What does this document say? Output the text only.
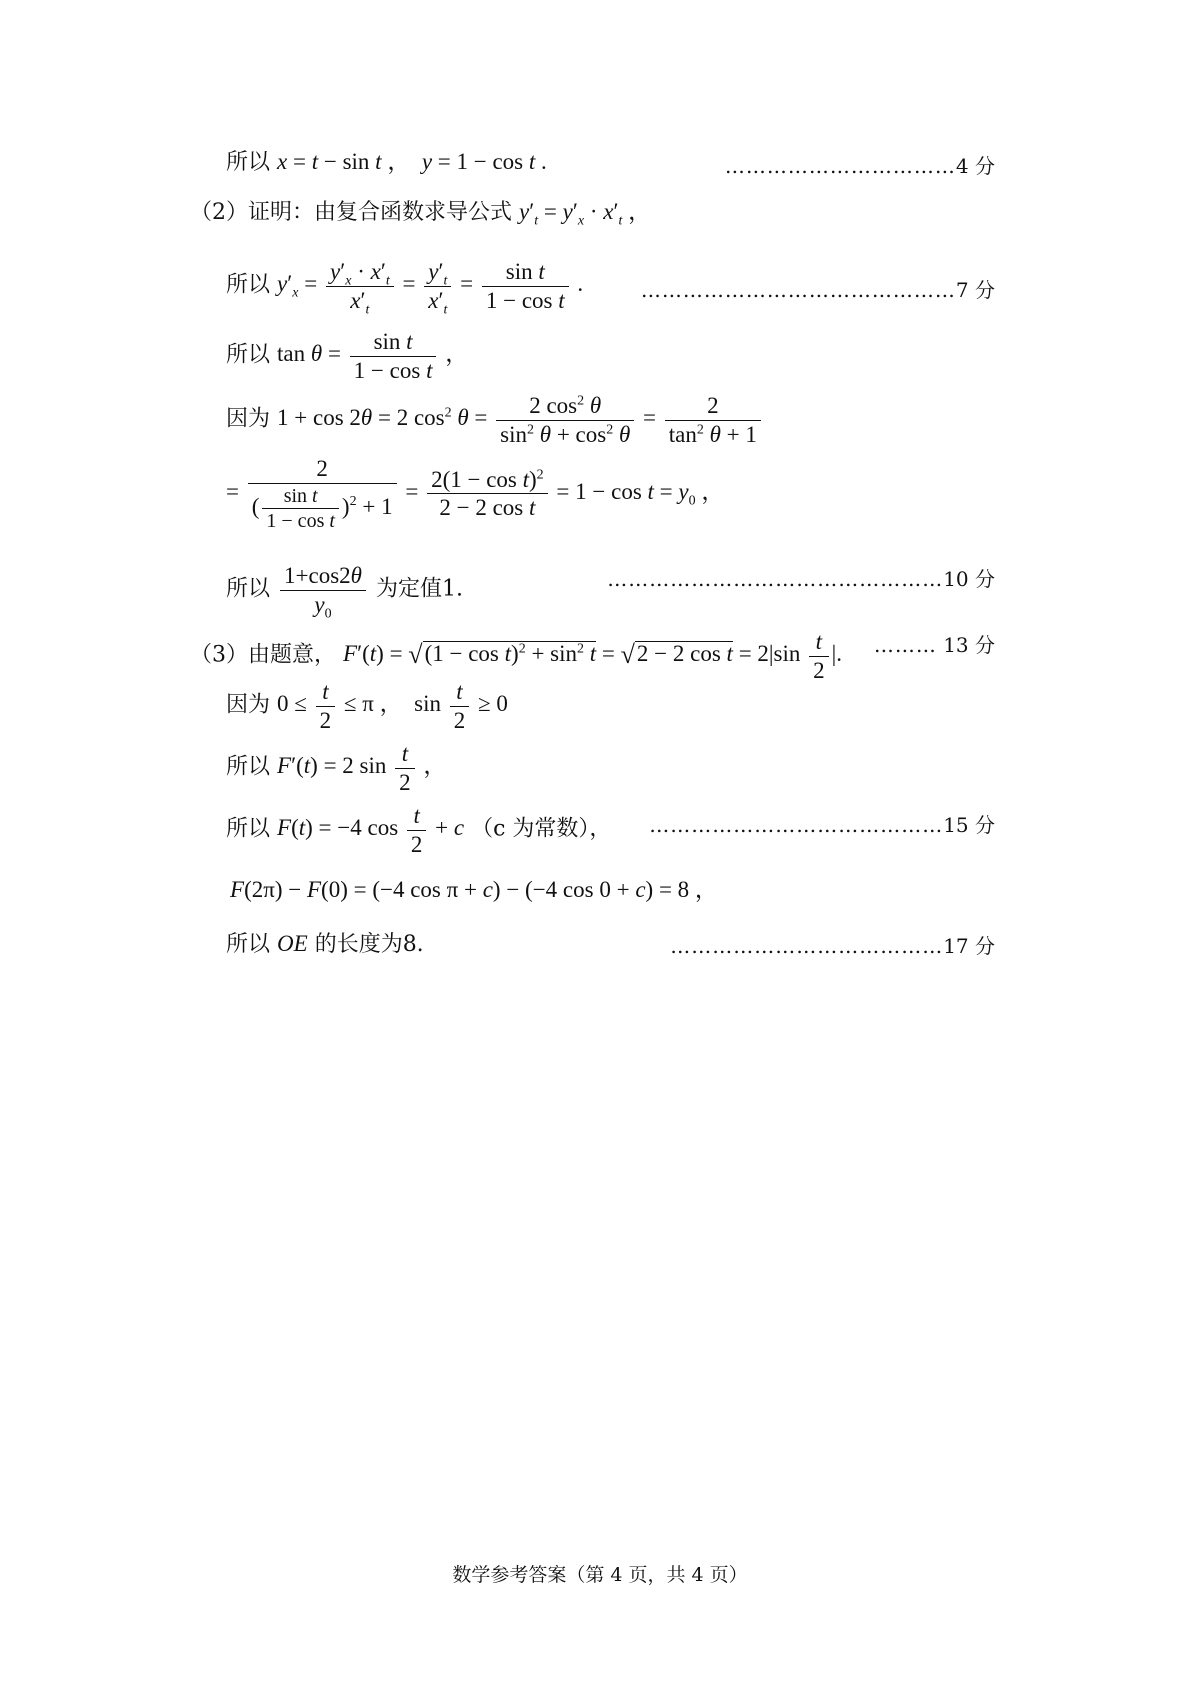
所以 x = t − sin t ，  y = 1 − cos t .	……………………………4 分
（2）证明：由复合函数求导公式 $y'_t = y'_x \cdot x'_t$ ，
所以 $y'_x = \frac{y'_x \cdot x'_t}{x'_t} = \frac{y'_t}{x'_t} = \frac{\text{sin t}}{\text{1 − cos t}}$ .	………………………………………7 分
所以 $\tan \theta = \frac{\text{sin t}}{\text{1 − cos t}}$ ，
因为 1 + cos 2θ = 2 $\cos^2 \theta = \frac{2 \cos^2 \theta}{\sin^2 \theta + \cos^2 \theta} = \frac{2}{\tan^2 \theta + 1}$
= $\frac{2}{( \frac{\text{sin t}}{\text{1 − cos t}} )^2 + 1} = \frac{2(1 - \cos t)^2}{\text{2 − 2 cos t}} = 1 - \cos t = y_0$ ，
所以 $\frac{1+\cos 2\theta}{y_0}$ 为定值1.	…………………………………………10 分
（3）由题意， $F'(t) = √(1 - \cos t)^2 + \sin^2 t = √2 - 2$ $\cos t = 2|\sin \frac{t}{2}$ |. ……… 13 分
因为 $0 \le \frac{t}{2} \le \pi$ ，  $\sin \frac{t}{2} \ge 0$
所以 F′(t) = 2 $\sin \frac{t}{2}$ ，
所以 F(t) = −4 $\cos \frac{t}{2} + c$ （c 为常数）， ……………………………………15 分
F(2π) − F(0) = (−4 cos π + c) − (−4 cos 0 + c) = 8 ，
所以 OE 的长度为8.	…………………………………17 分
数学参考答案（第 4 页，共 4 页）
